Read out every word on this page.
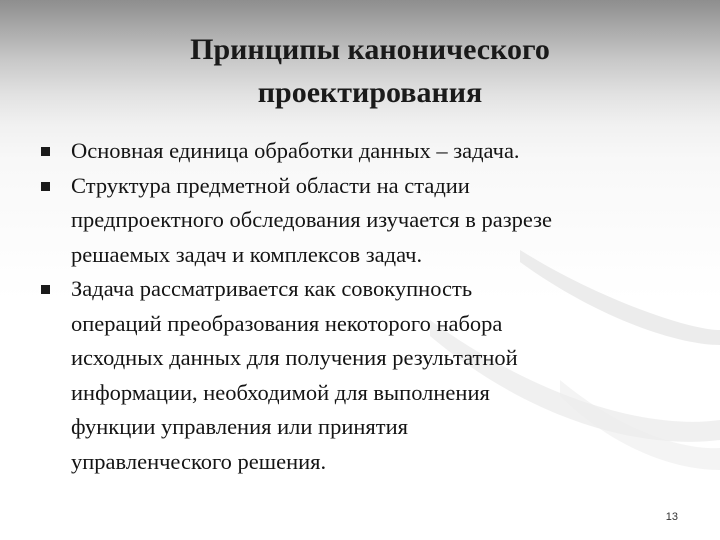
Принципы канонического
проектирования
Основная единица обработки данных – задача.
Структура предметной области на стадии
предпроектного обследования изучается в разрезе
решаемых задач и комплексов задач.
Задача рассматривается как совокупность
операций преобразования некоторого набора
исходных данных для получения результатной
информации, необходимой для выполнения
функции управления или принятия
управленческого решения.
13
